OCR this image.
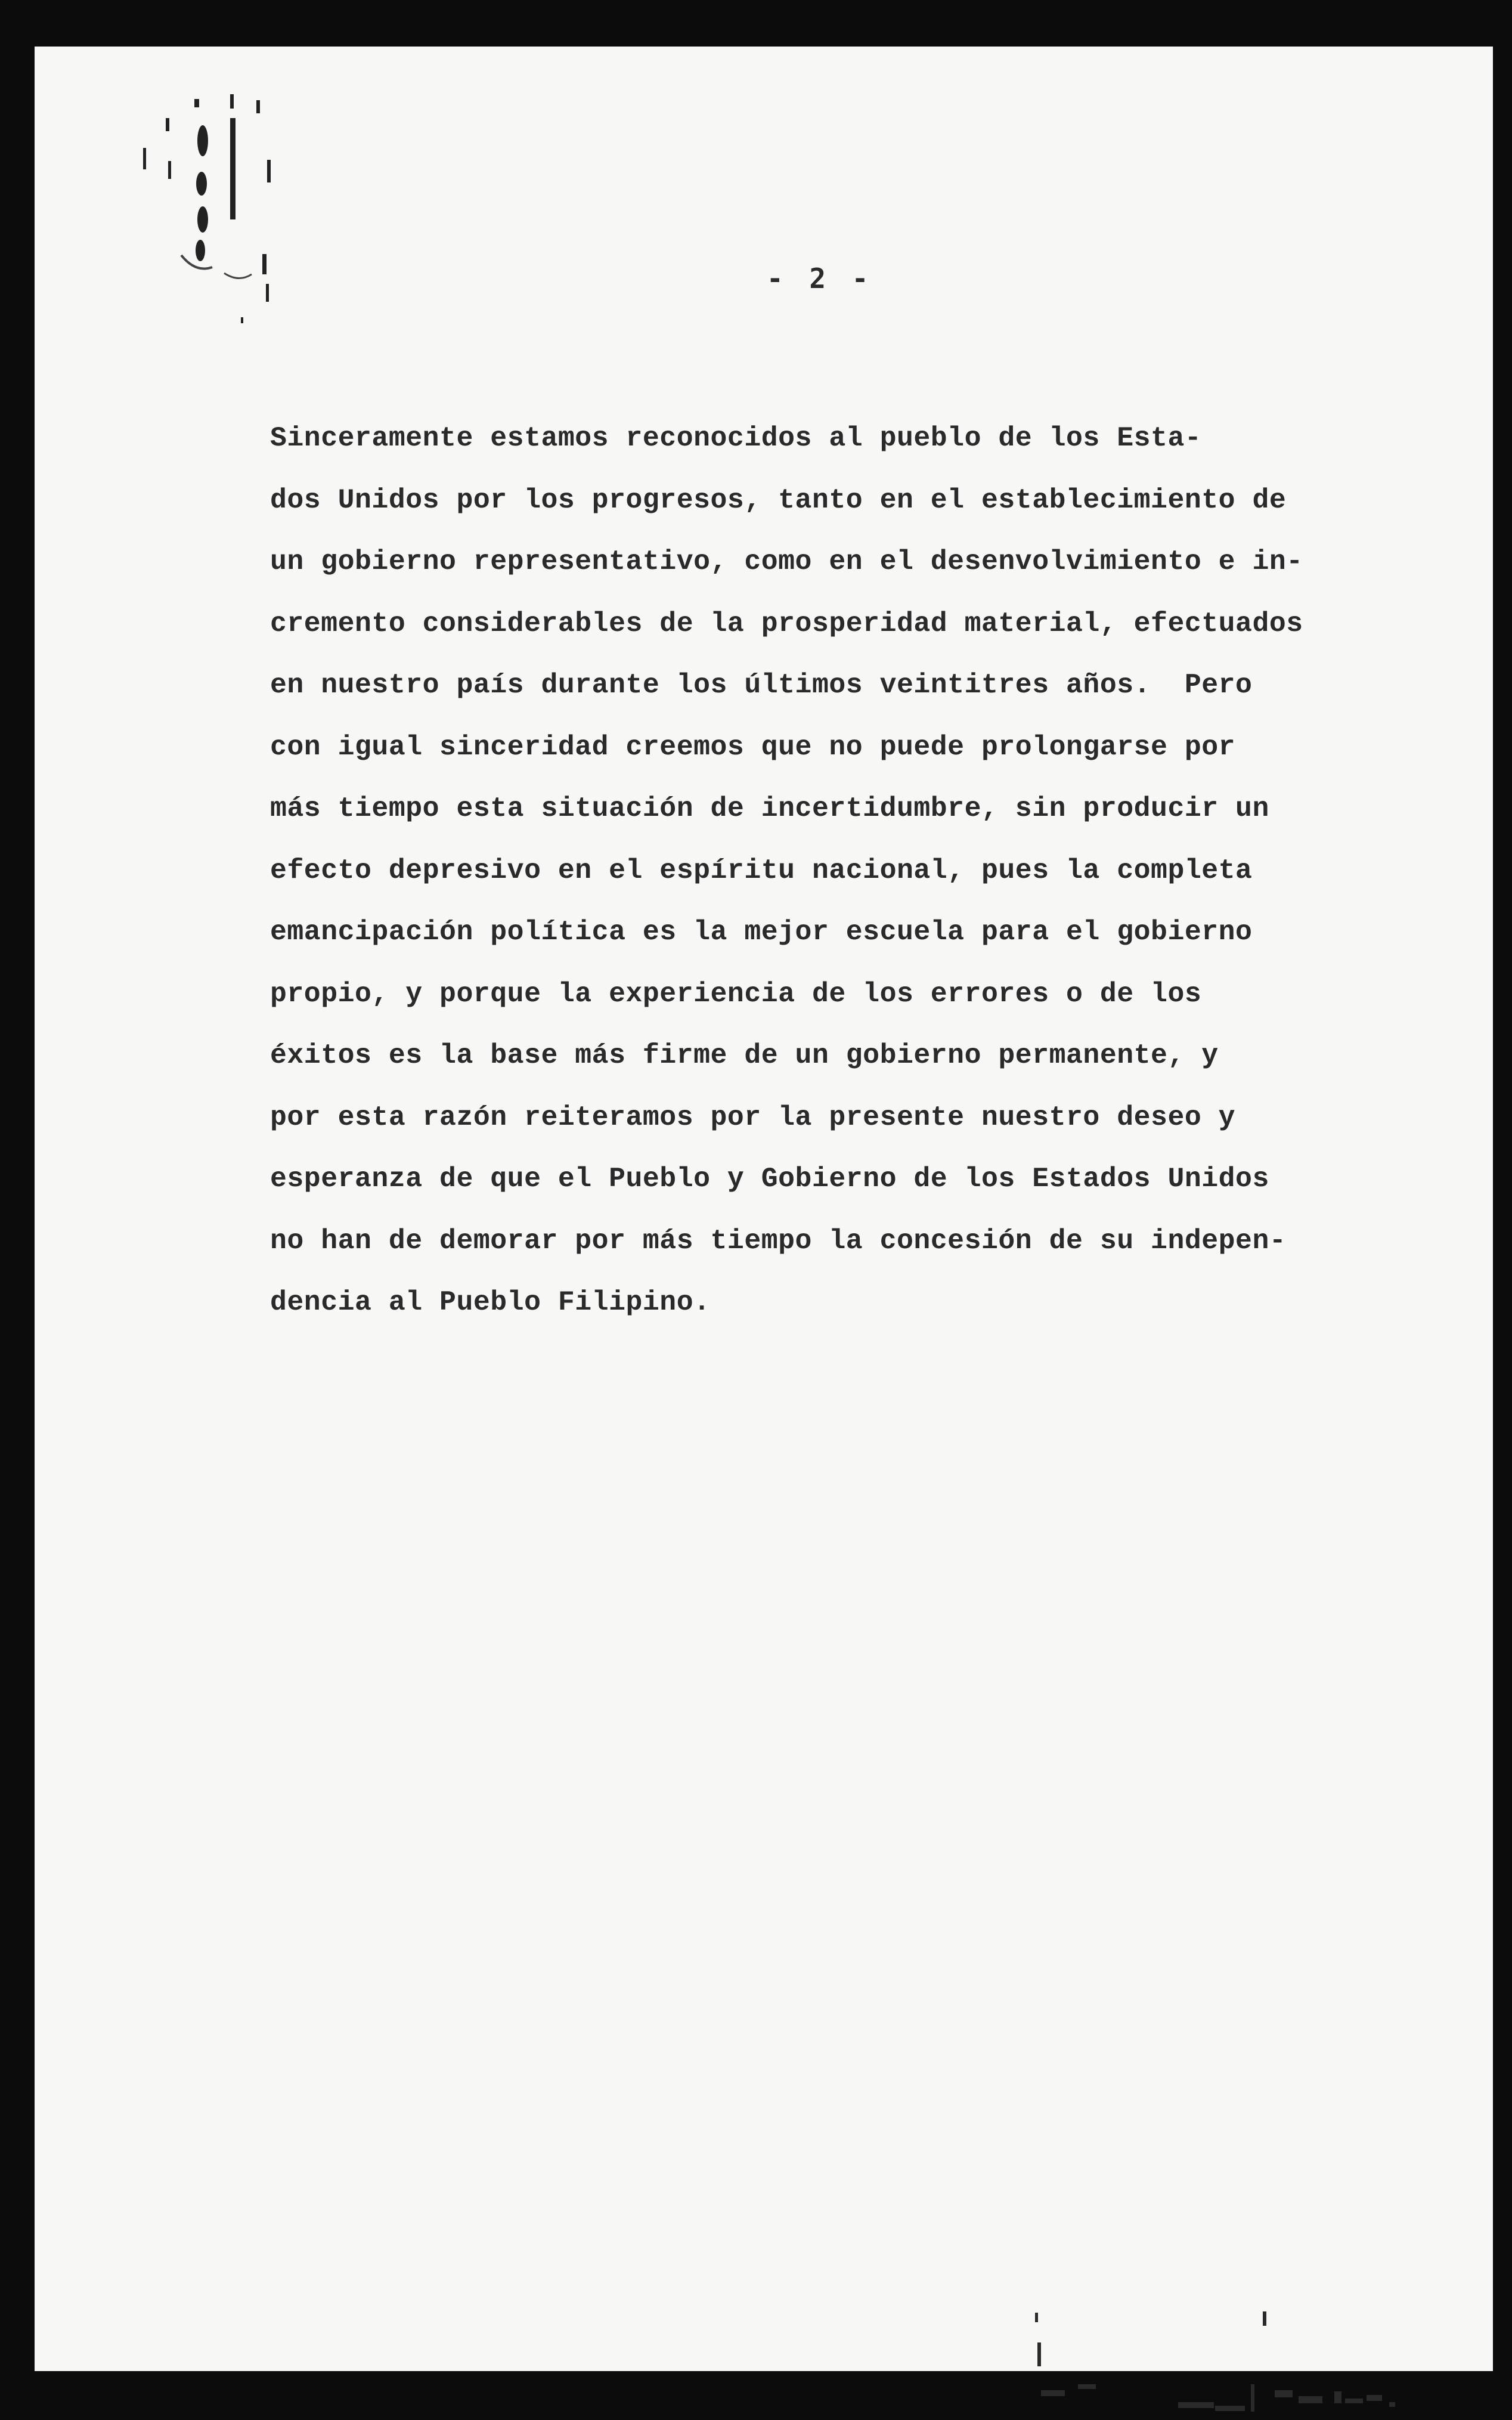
- 2 -

Sinceramente estamos reconocidos al pueblo de los Esta-
dos Unidos por los progresos, tanto en el establecimiento de
un gobierno representativo, como en el desenvolvimiento e in-
cremento considerables de la prosperidad material, efectuados
en nuestro país durante los últimos veintitres años.  Pero
con igual sinceridad creemos que no puede prolongarse por
más tiempo esta situación de incertidumbre, sin producir un
efecto depresivo en el espíritu nacional, pues la completa
emancipación política es la mejor escuela para el gobierno
propio, y porque la experiencia de los errores o de los
éxitos es la base más firme de un gobierno permanente, y
por esta razón reiteramos por la presente nuestro deseo y
esperanza de que el Pueblo y Gobierno de los Estados Unidos
no han de demorar por más tiempo la concesión de su indepen-
dencia al Pueblo Filipino.
